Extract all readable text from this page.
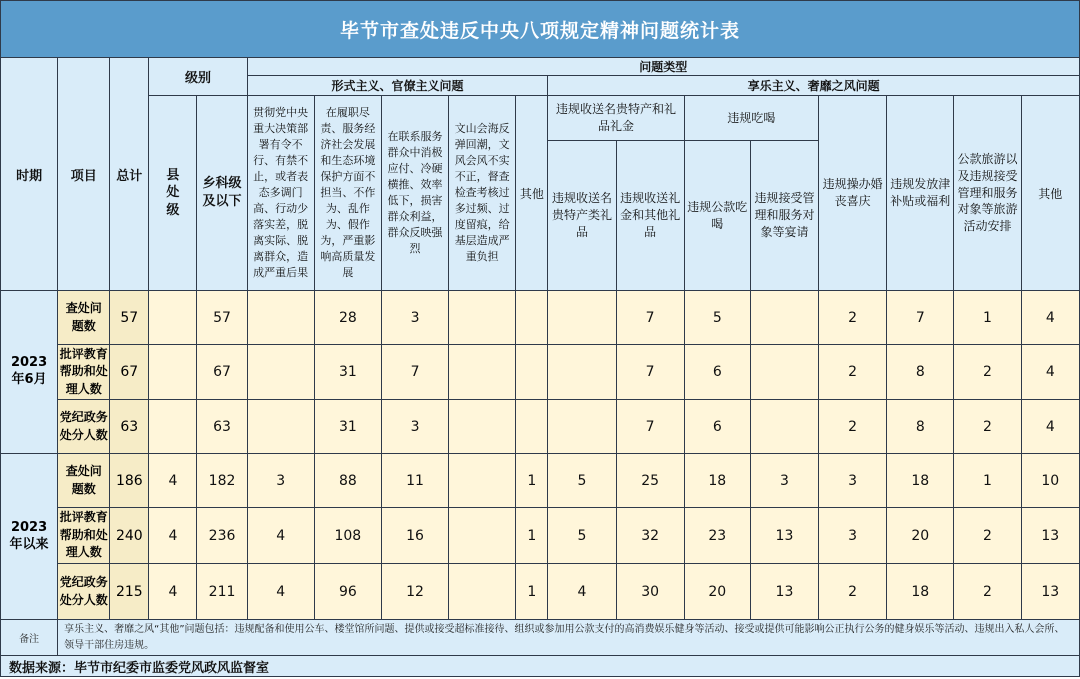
毕节市查处违反中央八项规定精神问题统计表																	
时期	项目	总计	级别		问题类型												
					形式主义、官僚主义问题					享乐主义、奢靡之风问题							
			县处级	乡科级及以下	贯彻党中央重大决策部署有令不行、有禁不止，或者表态多调门高、行动少落实差，脱离实际、脱离群众，造成严重后果	在履职尽责、服务经济社会发展和生态环境保护方面不担当、不作为、乱作为、假作为，严重影响高质量发展	在联系服务群众中消极应付、冷硬横推、效率低下，损害群众利益，群众反映强烈	文山会海反弹回潮，文风会风不实不正，督查检查考核过多过频、过度留痕，给基层造成严重负担	其他	违规收送名贵特产和礼品礼金		违规吃喝		违规操办婚丧喜庆	违规发放津补贴或福利	公款旅游以及违规接受管理和服务对象等旅游活动安排	其他
										违规收送名贵特产类礼品	违规收送礼金和其他礼品	违规公款吃喝	违规接受管理和服务对象等宴请				
2023年6月	查处问题数	57		57		28	3				7	5		2	7	1	4
	批评教育帮助和处理人数	67		67		31	7				7	6		2	8	2	4
	党纪政务处分人数	63		63		31	3				7	6		2	8	2	4
2023年以来	查处问题数	186	4	182	3	88	11		1	5	25	18	3	3	18	1	10
	批评教育帮助和处理人数	240	4	236	4	108	16		1	5	32	23	13	3	20	2	13
	党纪政务处分人数	215	4	211	4	96	12		1	4	30	20	13	2	18	2	13
备注	享乐主义、奢靡之风“其他”问题包括：违规配备和使用公车、楼堂馆所问题、提供或接受超标准接待、组织或参加用公款支付的高消费娱乐健身等活动、接受或提供可能影响公正执行公务的健身娱乐等活动、违规出入私人会所、领导干部住房违规。																
数据来源：毕节市纪委市监委党风政风监督室																	
